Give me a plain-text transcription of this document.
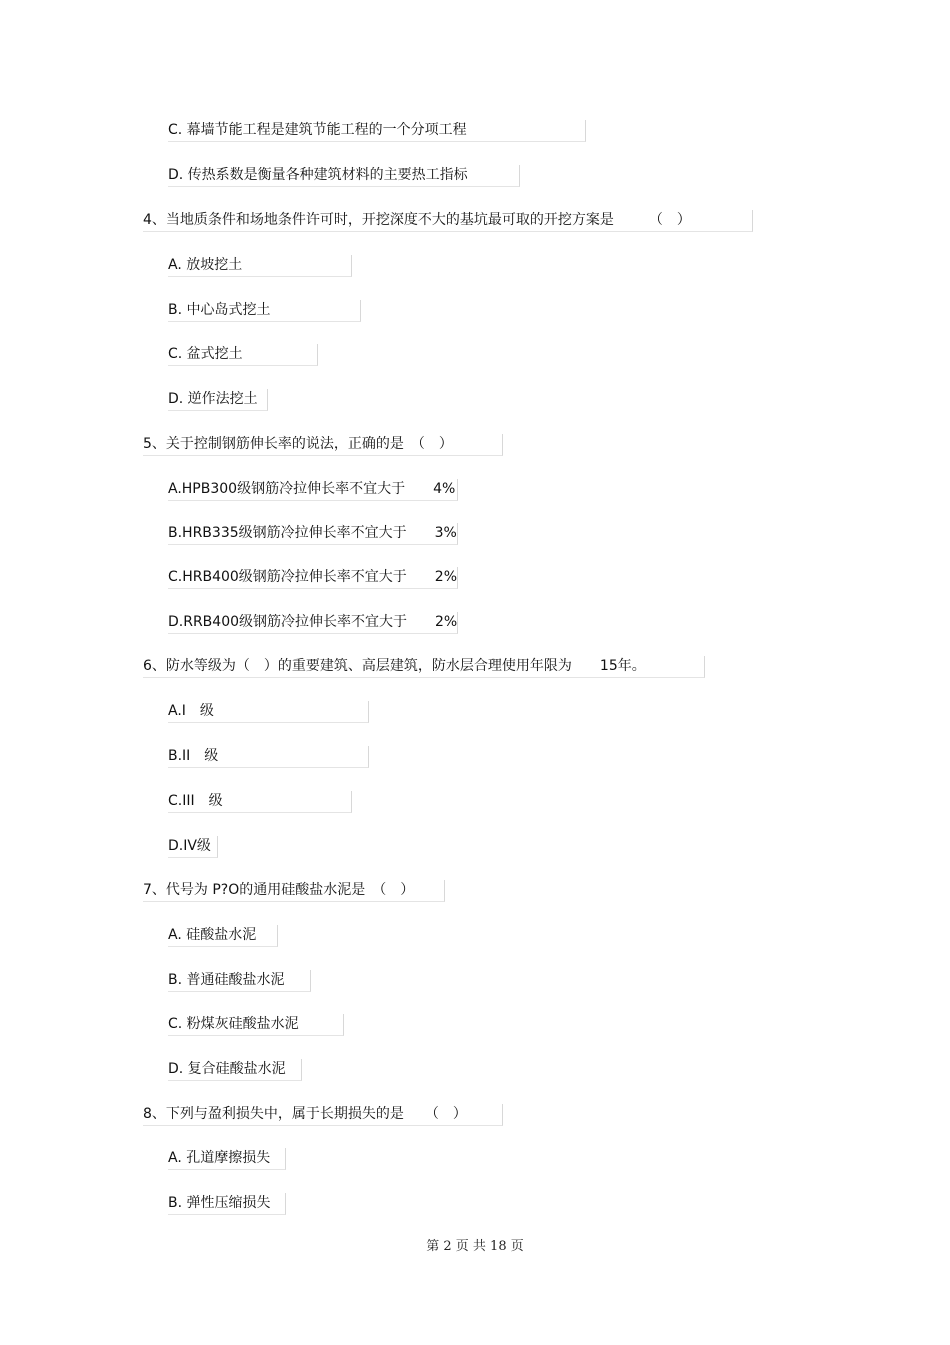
C. 幕墙节能工程是建筑节能工程的一个分项工程
D. 传热系数是衡量各种建筑材料的主要热工指标
4、当地质条件和场地条件许可时，开挖深度不大的基坑最可取的开挖方案是　　　（　）
A. 放坡挖土
B. 中心岛式挖土
C. 盆式挖土
D. 逆作法挖土
5、关于控制钢筋伸长率的说法，正确的是　（　）
A.HPB300级钢筋冷拉伸长率不宜大于　　4%
B.HRB335级钢筋冷拉伸长率不宜大于　　3%
C.HRB400级钢筋冷拉伸长率不宜大于　　2%
D.RRB400级钢筋冷拉伸长率不宜大于　　2%
6、防水等级为（　）的重要建筑、高层建筑，防水层合理使用年限为　　15年。
A.I　级
B.II　级
C.III　级
D.IV级
7、代号为 P?O的通用硅酸盐水泥是　（　）
A. 硅酸盐水泥
B. 普通硅酸盐水泥
C. 粉煤灰硅酸盐水泥
D. 复合硅酸盐水泥
8、下列与盈利损失中，属于长期损失的是　　（　）
A. 孔道摩擦损失
B. 弹性压缩损失
第 2 页 共 18 页
